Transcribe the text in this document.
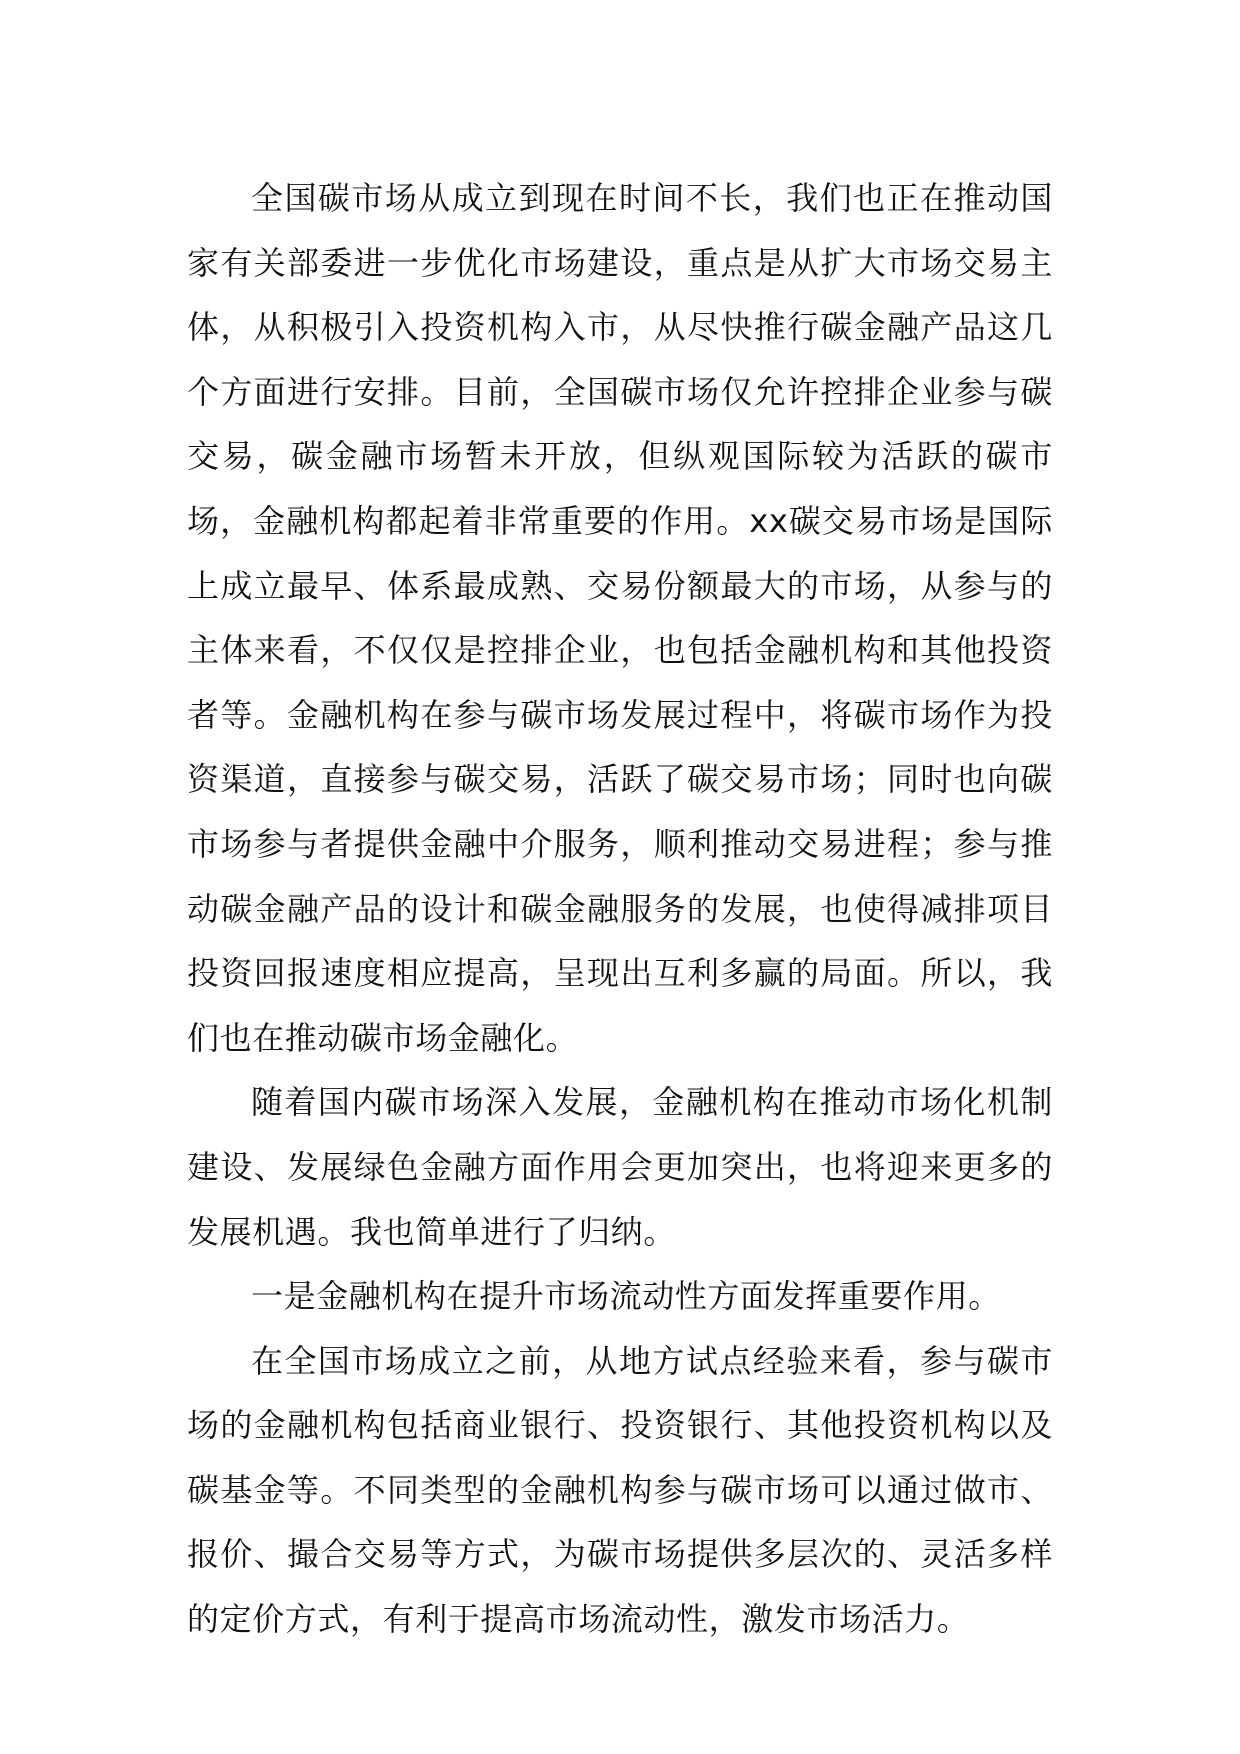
全国碳市场从成立到现在时间不长，我们也正在推动国家有关部委进一步优化市场建设，重点是从扩大市场交易主体，从积极引入投资机构入市，从尽快推行碳金融产品这几个方面进行安排。目前，全国碳市场仅允许控排企业参与碳交易，碳金融市场暂未开放，但纵观国际较为活跃的碳市场，金融机构都起着非常重要的作用。xx碳交易市场是国际上成立最早、体系最成熟、交易份额最大的市场，从参与的主体来看，不仅仅是控排企业，也包括金融机构和其他投资者等。金融机构在参与碳市场发展过程中，将碳市场作为投资渠道，直接参与碳交易，活跃了碳交易市场；同时也向碳市场参与者提供金融中介服务，顺利推动交易进程；参与推动碳金融产品的设计和碳金融服务的发展，也使得减排项目投资回报速度相应提高，呈现出互利多赢的局面。所以，我们也在推动碳市场金融化。

随着国内碳市场深入发展，金融机构在推动市场化机制建设、发展绿色金融方面作用会更加突出，也将迎来更多的发展机遇。我也简单进行了归纳。

一是金融机构在提升市场流动性方面发挥重要作用。

在全国市场成立之前，从地方试点经验来看，参与碳市场的金融机构包括商业银行、投资银行、其他投资机构以及碳基金等。不同类型的金融机构参与碳市场可以通过做市、报价、撮合交易等方式，为碳市场提供多层次的、灵活多样的定价方式，有利于提高市场流动性，激发市场活力。
